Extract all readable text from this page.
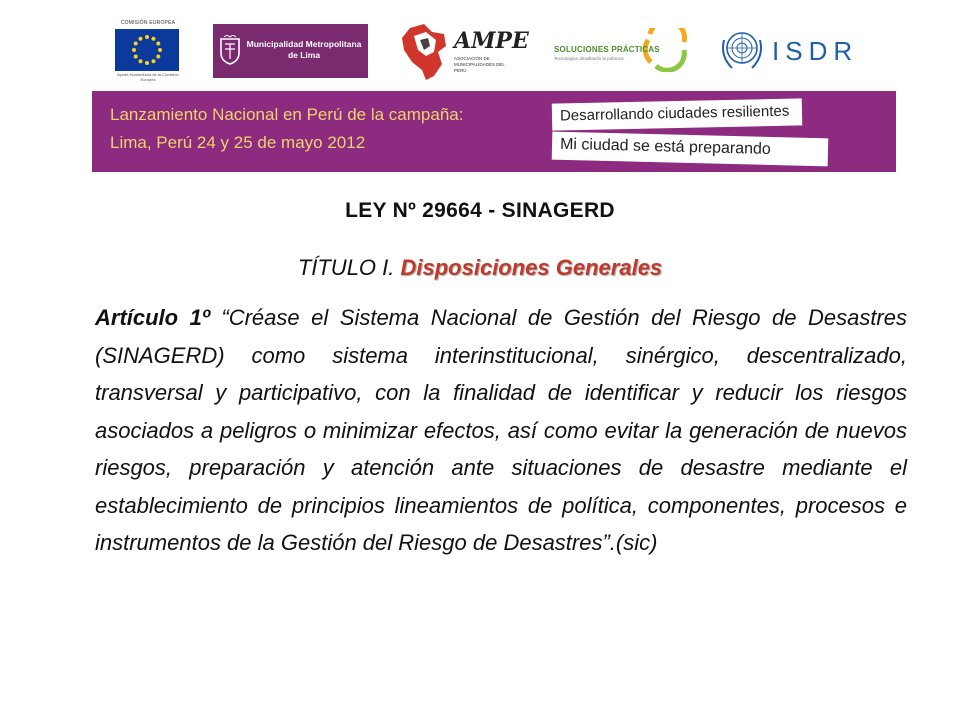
COMISIÓN EUROPEA
Ayuda Humanitaria de la Comisión Europea
Municipalidad Metropolitana
de Lima
AMPE
ASOCIACIÓN DE MUNICIPALIDADES DEL PERÚ
SOLUCIONES PRÁCTICAS
Tecnologías desafiando la pobreza	ISDR
Lanzamiento Nacional en Perú de la campaña:
Lima, Perú 24 y 25 de mayo 2012
Desarrollando ciudades resilientes
Mi ciudad se está preparando
LEY Nº 29664 - SINAGERD
TÍTULO I. Disposiciones Generales
Artículo 1º “Créase el Sistema Nacional de Gestión del Riesgo de Desastres (SINAGERD) como sistema interinstitucional, sinérgico, descentralizado, transversal y participativo, con la finalidad de identificar y reducir los riesgos asociados a peligros o minimizar efectos, así como evitar la generación de nuevos riesgos, preparación y atención ante situaciones de desastre mediante el establecimiento de principios lineamientos de política, componentes, procesos e instrumentos de la Gestión del Riesgo de Desastres”.(sic)
